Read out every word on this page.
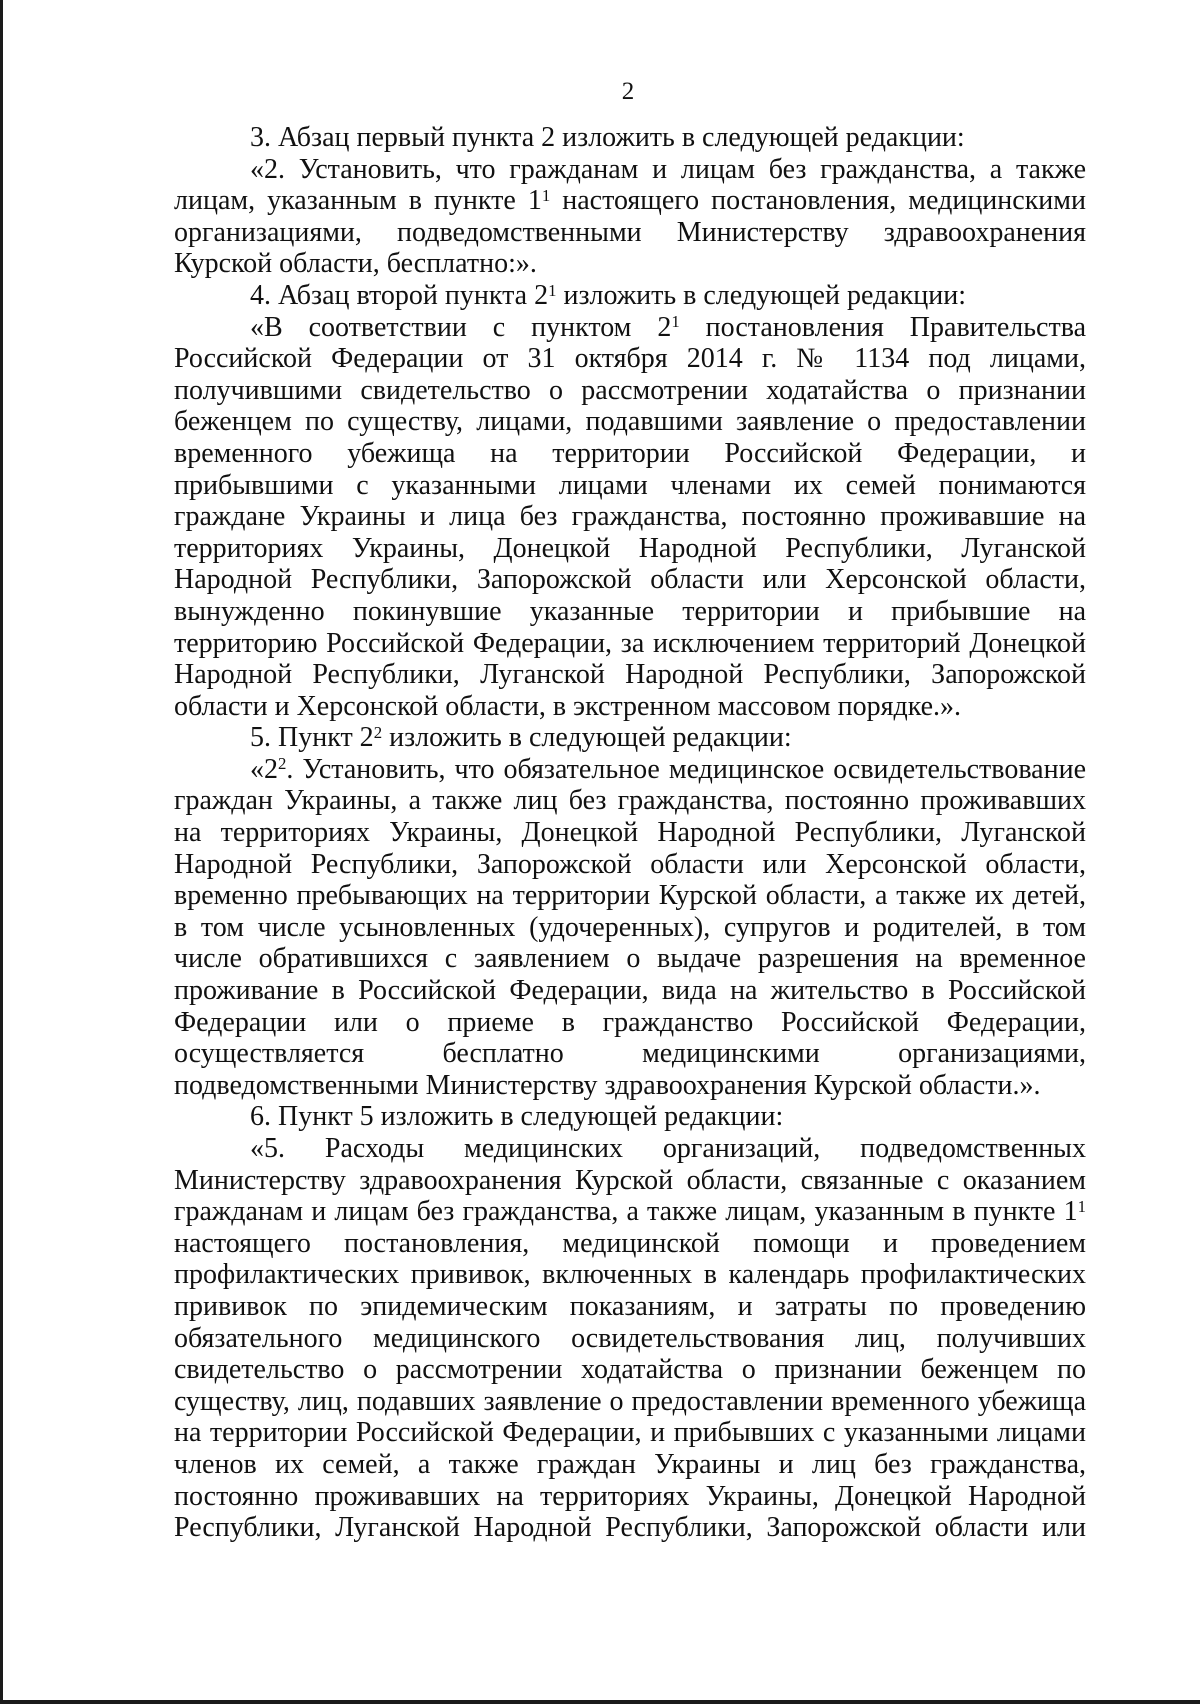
2

3. Абзац первый пункта 2 изложить в следующей редакции:

«2. Установить, что гражданам и лицам без гражданства, а также лицам, указанным в пункте $1^1$ настоящего постановления, медицинскими организациями, подведомственными Министерству здравоохранения Курской области, бесплатно:».

4. Абзац второй пункта $2^1$ изложить в следующей редакции:

«В соответствии с пунктом $2^1$ постановления Правительства Российской Федерации от 31 октября 2014 г. № 1134 под лицами, получившими свидетельство о рассмотрении ходатайства о признании беженцем по существу, лицами, подавшими заявление о предоставлении временного убежища на территории Российской Федерации, и прибывшими с указанными лицами членами их семей понимаются граждане Украины и лица без гражданства, постоянно проживавшие на территориях Украины, Донецкой Народной Республики, Луганской Народной Республики, Запорожской области или Херсонской области, вынужденно покинувшие указанные территории и прибывшие на территорию Российской Федерации, за исключением территорий Донецкой Народной Республики, Луганской Народной Республики, Запорожской области и Херсонской области, в экстренном массовом порядке.».

5. Пункт $2^2$ изложить в следующей редакции:

«$2^2$. Установить, что обязательное медицинское освидетельствование граждан Украины, а также лиц без гражданства, постоянно проживавших на территориях Украины, Донецкой Народной Республики, Луганской Народной Республики, Запорожской области или Херсонской области, временно пребывающих на территории Курской области, а также их детей, в том числе усыновленных (удочеренных), супругов и родителей, в том числе обратившихся с заявлением о выдаче разрешения на временное проживание в Российской Федерации, вида на жительство в Российской Федерации или о приеме в гражданство Российской Федерации, осуществляется бесплатно медицинскими организациями, подведомственными Министерству здравоохранения Курской области.».

6. Пункт 5 изложить в следующей редакции:

«5. Расходы медицинских организаций, подведомственных Министерству здравоохранения Курской области, связанные с оказанием гражданам и лицам без гражданства, а также лицам, указанным в пункте $1^1$ настоящего постановления, медицинской помощи и проведением профилактических прививок, включенных в календарь профилактических прививок по эпидемическим показаниям, и затраты по проведению обязательного медицинского освидетельствования лиц, получивших свидетельство о рассмотрении ходатайства о признании беженцем по существу, лиц, подавших заявление о предоставлении временного убежища на территории Российской Федерации, и прибывших с указанными лицами членов их семей, а также граждан Украины и лиц без гражданства, постоянно проживавших на территориях Украины, Донецкой Народной Республики, Луганской Народной Республики, Запорожской области или
